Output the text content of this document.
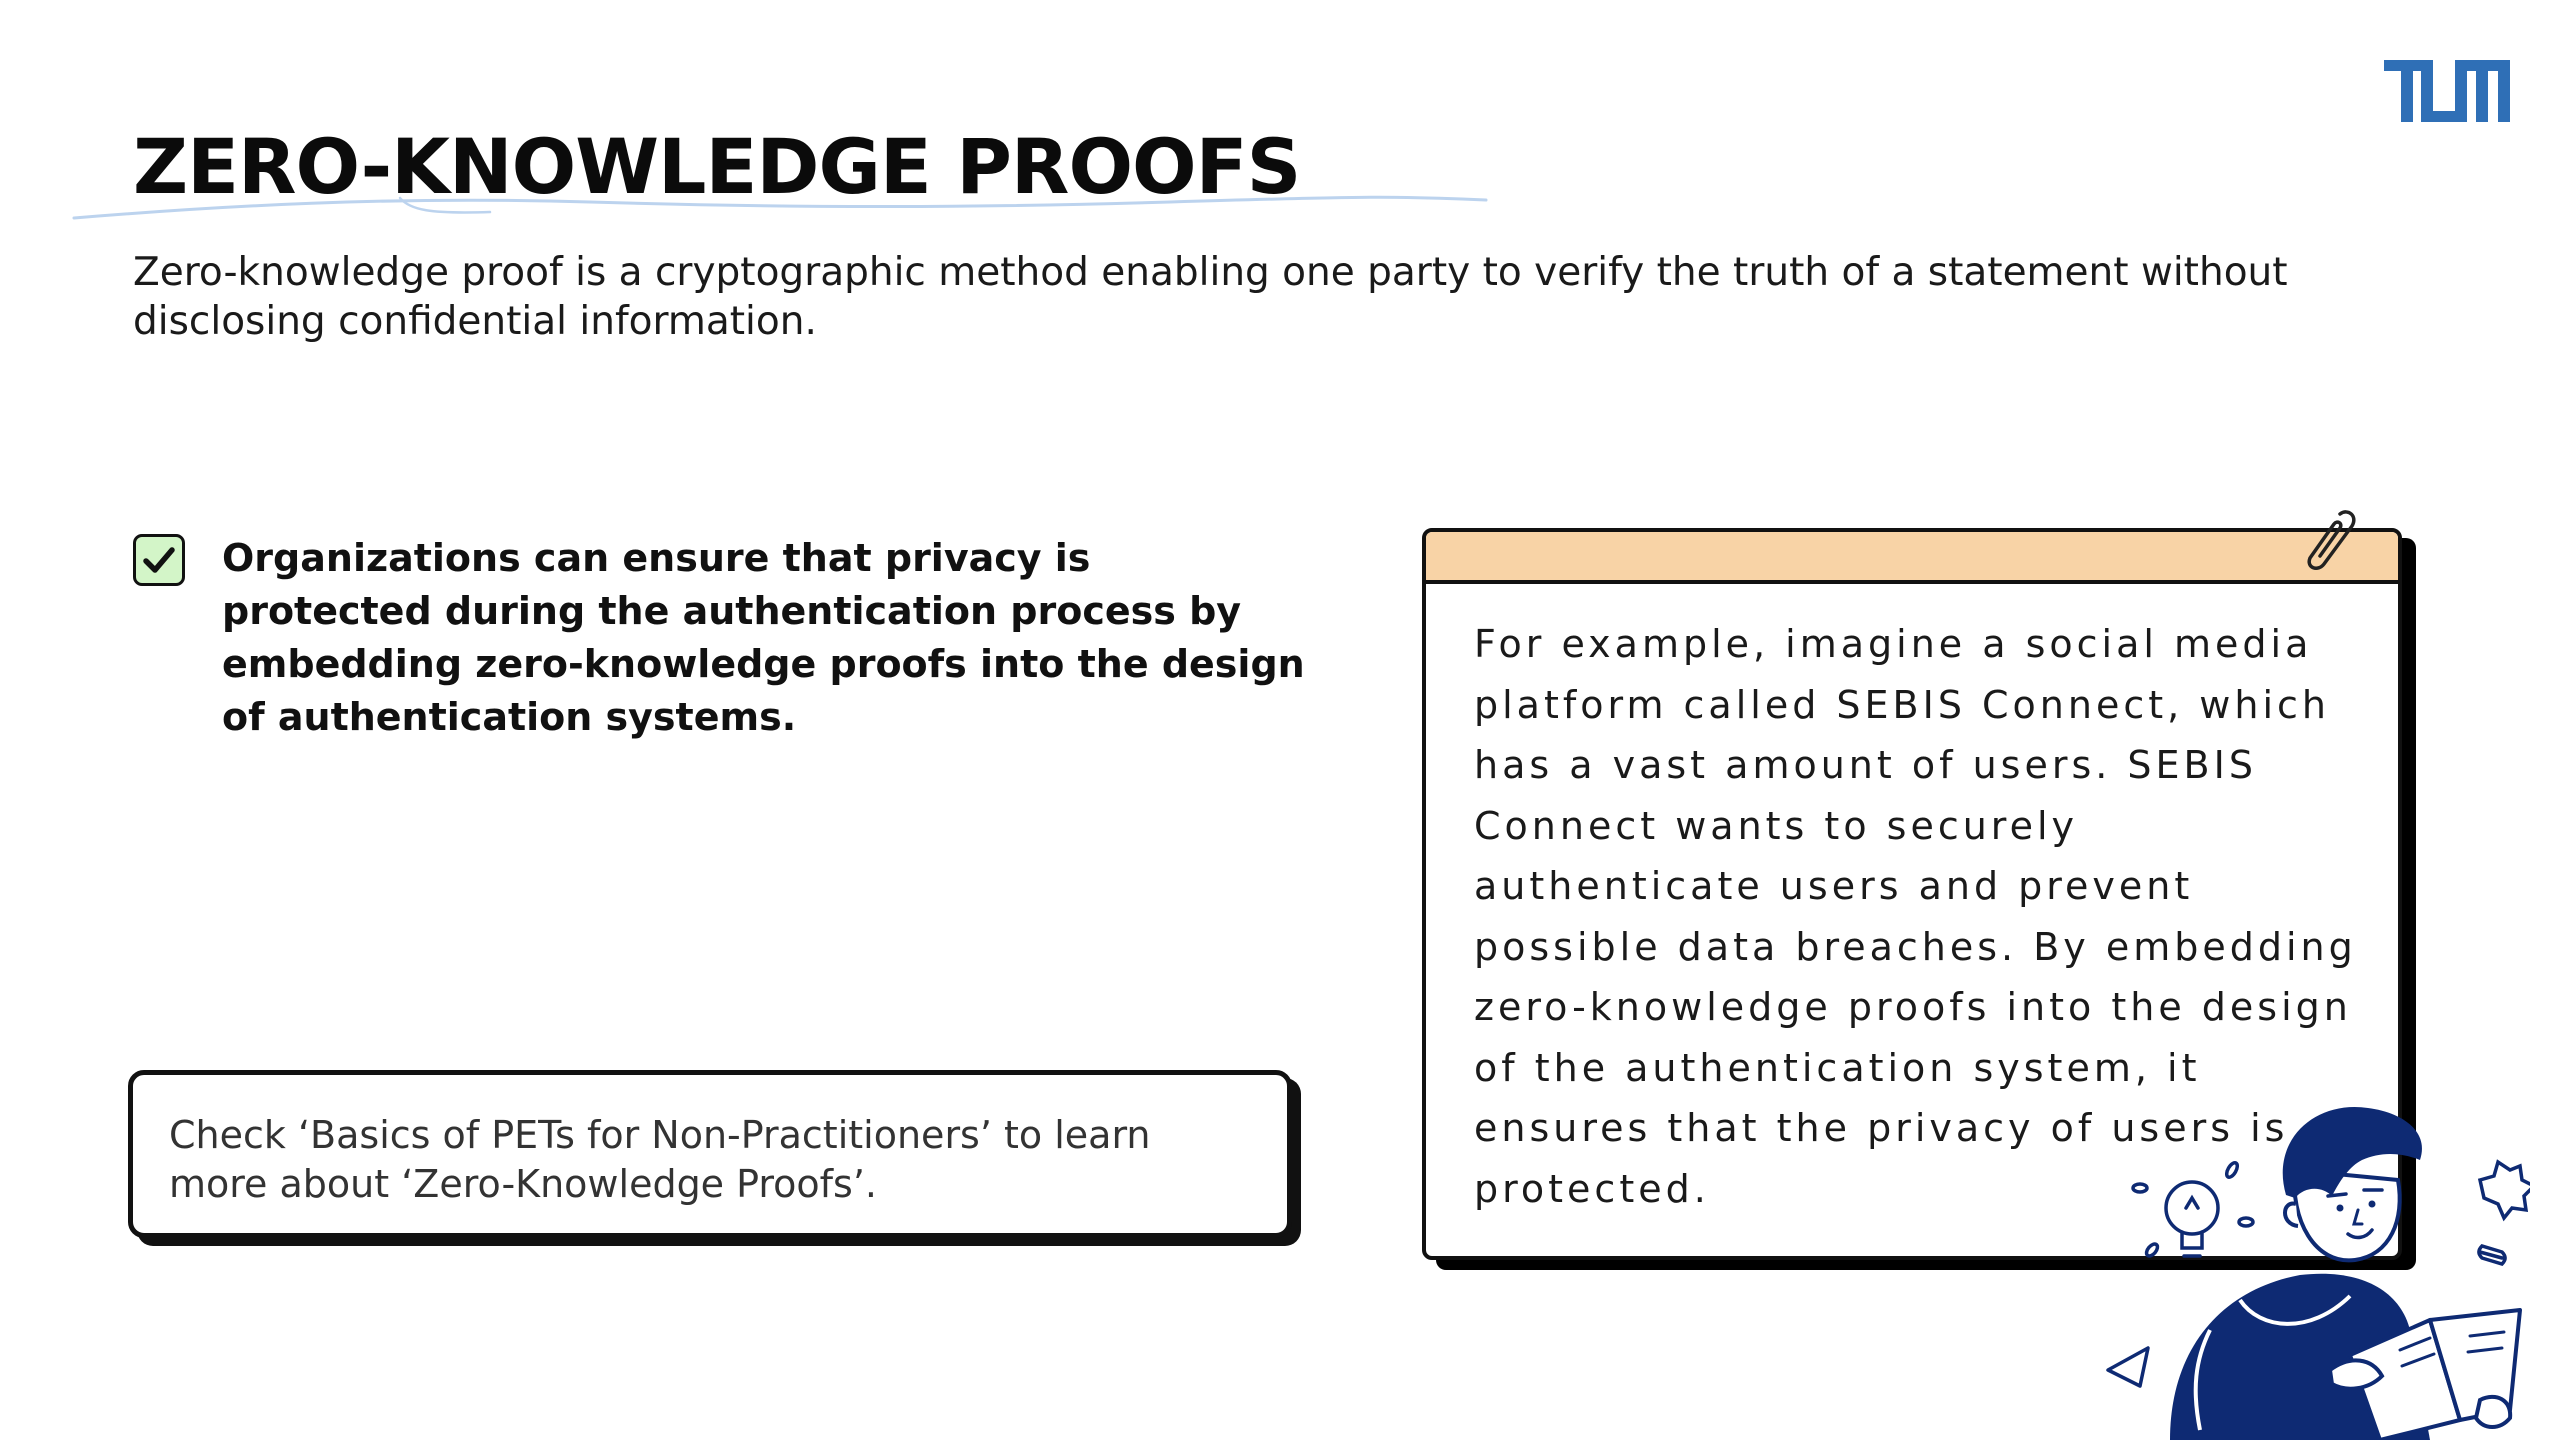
ZERO-KNOWLEDGE PROOFS

Zero-knowledge proof is a cryptographic method enabling one party to verify the truth of a statement without disclosing confidential information.

Organizations can ensure that privacy is protected during the authentication process by embedding zero-knowledge proofs into the design of authentication systems.

Check ‘Basics of PETs for Non-Practitioners’ to learn more about ‘Zero-Knowledge Proofs’.

For example, imagine a social media platform called SEBIS Connect, which has a vast amount of users. SEBIS Connect wants to securely authenticate users and prevent possible data breaches. By embedding zero-knowledge proofs into the design of the authentication system, it ensures that the privacy of users is protected.
